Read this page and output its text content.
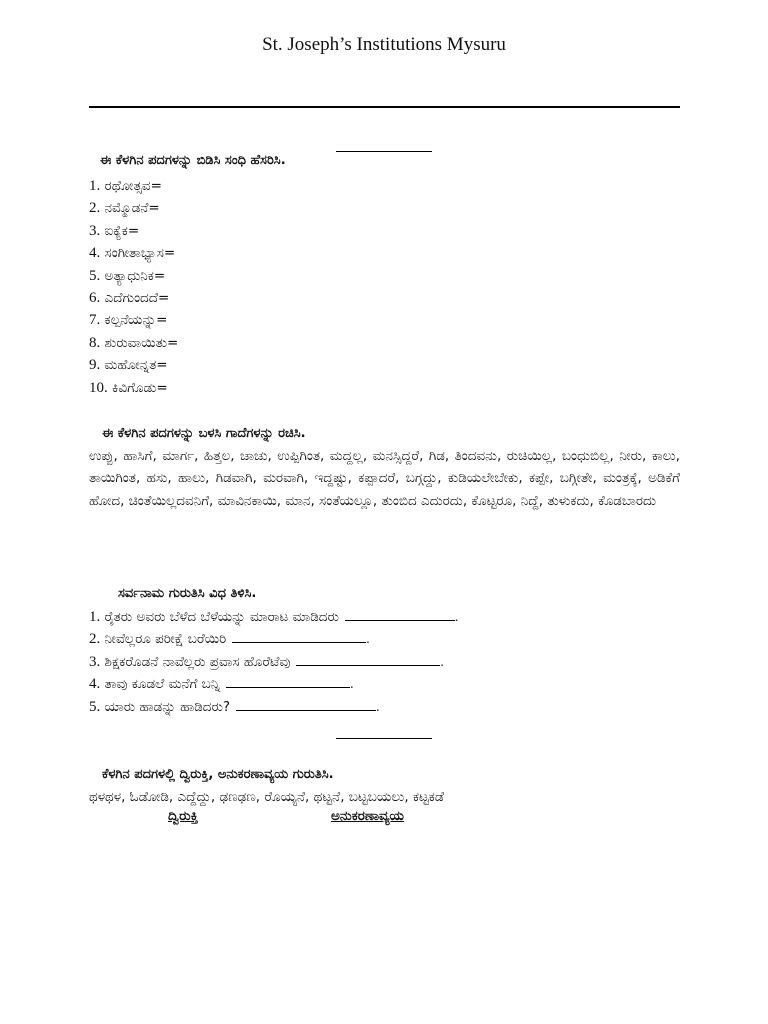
St. Joseph’s Institutions Mysuru
ಈ ಕೆಳಗಿನ ಪದಗಳನ್ನು ಬಿಡಿಸಿ ಸಂಧಿ ಹೆಸರಿಸಿ.
1. ರಥೋತ್ಸವ=
2. ನಮ್ಮೊಡನೆ=
3. ಐಕ್ಯೆಕ=
4. ಸಂಗೀತಾಭ್ಯಾಸ=
5. ಅತ್ಯಾಧುನಿಕ=
6. ಎದೆಗುಂದದೆ=
7. ಕಲ್ಪನೆಯನ್ನು=
8. ಶುರುವಾಯಿತು=
9. ಮಹೋನ್ನತ=
10. ಕಿವಿಗೊಡು=
ಈ ಕೆಳಗಿನ ಪದಗಳನ್ನು ಬಳಸಿ ಗಾದೆಗಳನ್ನು ರಚಿಸಿ.
ಉಪ್ಪು, ಹಾಸಿಗೆ, ಮಾರ್ಗ, ಹಿತ್ತಲ, ಚಾಚು, ಉಪ್ಪಿಗಿಂತ, ಮದ್ದಲ್ಲ, ಮನಸ್ಸಿದ್ದರೆ, ಗಿಡ, ತಿಂದವನು, ರುಚಿಯಿಲ್ಲ, ಬಂಧುಬಿಲ್ಲ, ನೀರು, ಕಾಲು, ತಾಯಿಗಿಂತ, ಹಸು, ಹಾಲು, ಗಿಡವಾಗಿ, ಮರವಾಗಿ, ಇದ್ದಷ್ಟು, ಕಪ್ಪಾದರೆ, ಬಗ್ಗದ್ದು, ಕುಡಿಯಲೇಬೇಕು, ಕಪ್ಪೇ, ಬಗ್ಗೀತೇ, ಮಂತ್ರಕ್ಕೆ, ಅಡಿಕೆಗೆ ಹೋದ, ಚಿಂತೆಯಿಲ್ಲದವನಿಗೆ, ಮಾವಿನಕಾಯಿ, ಮಾನ, ಸಂತೆಯಲ್ಲೂ, ತುಂಬಿದ ಎದುರದು, ಕೊಟ್ಟರೂ, ನಿದ್ದೆ, ತುಳುಕದು, ಕೊಡಬಾರದು
ಸರ್ವನಾಮ ಗುರುತಿಸಿ ವಿಧ ತಿಳಿಸಿ.
1. ರೈತರು ಅವರು ಬೆಳೆದ ಬೆಳೆಯನ್ನು ಮಾರಾಟ ಮಾಡಿದರು	.
2. ನೀವೆಲ್ಲರೂ ಪರೀಕ್ಷೆ ಬರೆಯಿರಿ	.
3. ಶಿಕ್ಷಕರೊಡನೆ ನಾವೆಲ್ಲರು ಪ್ರವಾಸ ಹೊರೆಟೆವು	.
4. ತಾವು ಕೂಡಲೆ ಮನೆಗೆ ಬನ್ನಿ	.
5. ಯಾರು ಹಾಡನ್ನು ಹಾಡಿದರು?	.
ಕೆಳಗಿನ ಪದಗಳಲ್ಲಿ ದ್ವಿರುಕ್ತಿ, ಅನುಕರಣಾವ್ಯಯ ಗುರುತಿಸಿ.
ಥಳಥಳ, ಓಡೋಡಿ, ಎದ್ದೆದ್ದು, ಢಣಢಣ, ರೊಯ್ಯನೆ, ಥಟ್ಟನೆ, ಬಟ್ಟಬಯಲು, ಕಟ್ಟಕಡೆ
ದ್ವಿರುಕ್ತಿ	ಅನುಕರಣಾವ್ಯಯ
